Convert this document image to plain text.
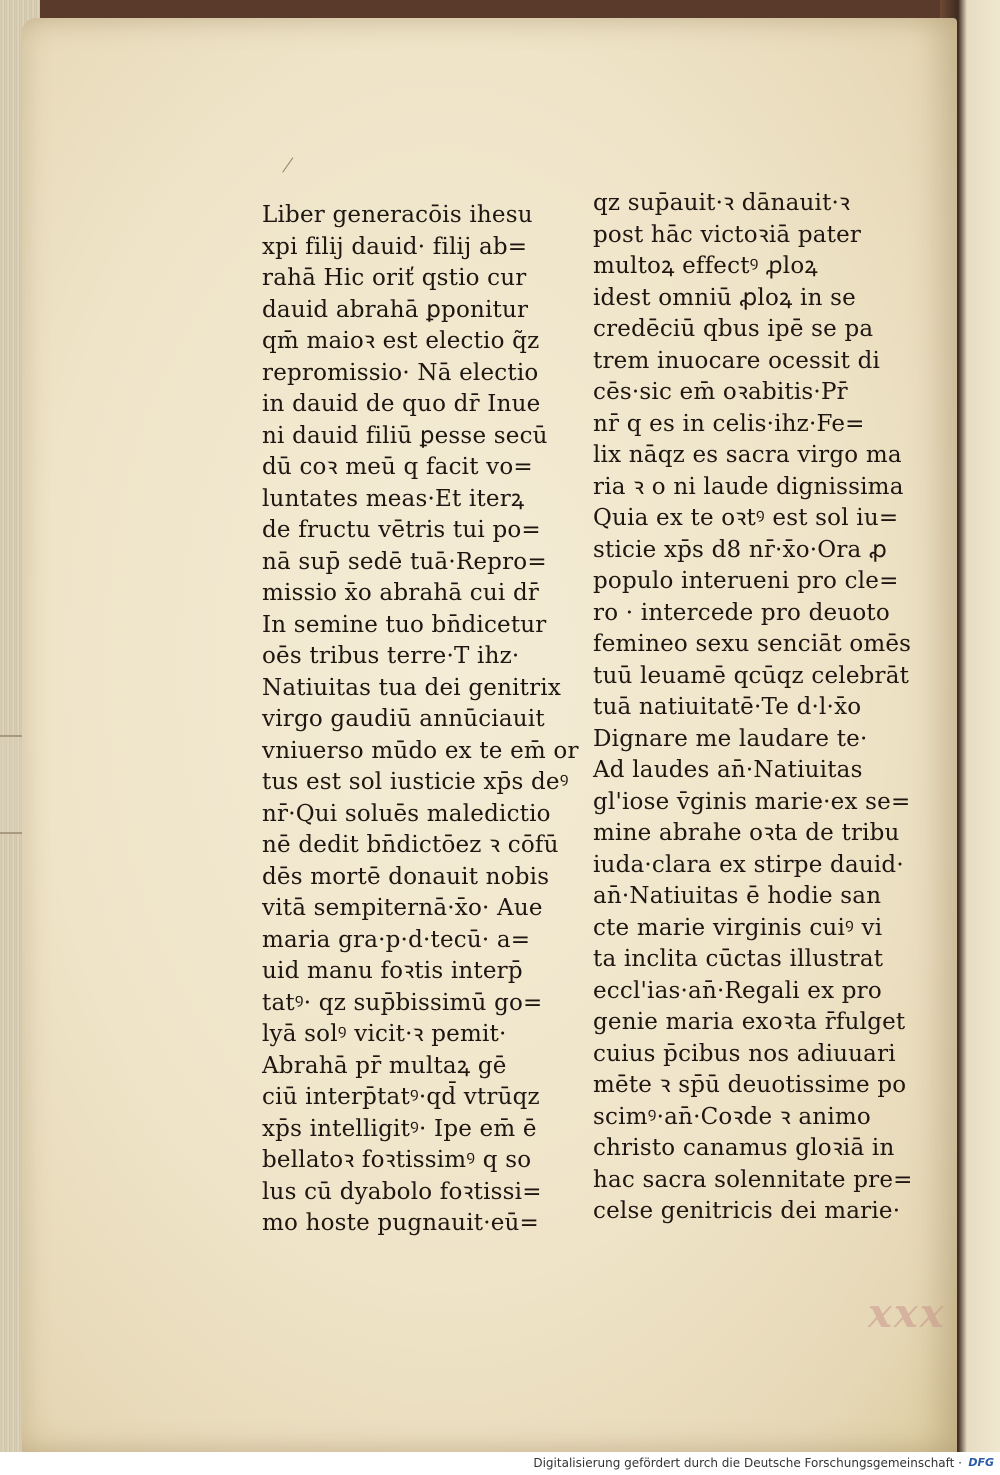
Liber generacōis ihesu
xpi filij dauid· filij ab=
rahā Hic oriť qstio cur
dauid abrahā ꝑponitur
qm̄ maioꝛ est electio q̃z
repromissio· Nā electio
in dauid de quo dr̄ Inue
ni dauid filiū ꝑesse secū
dū coꝛ meū q facit vo=
luntates meas·Et iterꝝ
de fructu vētris tui po=
nā sup̄ sedē tuā·Repro=
missio x̄o abrahā cui dr̄
In semine tuo bn̄dicetur
oēs tribus terre·T ihz·
Natiuitas tua dei genitrix
virgo gaudiū annūciauit
vniuerso mūdo ex te em̄ or
tus est sol iusticie xp̄s deꝰ
nr̄·Qui soluēs maledictio
nē dedit bn̄dictōez ꝛ cōfū
dēs mortē donauit nobis
vitā sempiternā·x̄o· Aue
maria gra·p·d·tecū· a=
uid manu foꝛtis interp̄
tatꝰ· qz sup̄bissimū go=
lyā solꝰ vicit·ꝛ pemit·
Abrahā pr̄ multaꝝ gē
ciū interp̄tatꝰ·qd̄ vtrūqz
xp̄s intelligitꝰ· Ipe em̄ ē
bellatoꝛ foꝛtissimꝰ q so
lus cū dyabolo foꝛtissi=
mo hoste pugnauit·eū=
qz sup̄auit·ꝛ dānauit·ꝛ
post hāc victoꝛiā pater
multoꝝ effectꝰ ꝓloꝝ
idest omniū ꝓloꝝ in se
credēciū qbus ipē se pa
trem inuocare ocessit di
cēs·sic em̄ oꝛabitis·Pr̄
nr̄ q es in celis·ihz·Fe=
lix nāqz es sacra virgo ma
ria ꝛ o ni laude dignissima
Quia ex te oꝛtꝰ est sol iu=
sticie xp̄s d8 nr̄·x̄o·Ora ꝓ
populo interueni pro cle=
ro · intercede pro deuoto
femineo sexu senciāt omēs
tuū leuamē qcūqz celebrāt
tuā natiuitatē·Te d·l·x̄o
Dignare me laudare te·
Ad laudes an̄·Natiuitas
gl'iose v̄ginis marie·ex se=
mine abrahe oꝛta de tribu
iuda·clara ex stirpe dauid·
an̄·Natiuitas ē hodie san
cte marie virginis cuiꝰ vi
ta inclita cūctas illustrat
eccl'ias·an̄·Regali ex pro
genie maria exoꝛta r̄fulget
cuius p̄cibus nos adiuuari
mēte ꝛ sp̄ū deuotissime po
scimꝰ·an̄·Coꝛde ꝛ animo
christo canamus gloꝛiā in
hac sacra solennitate pre=
celse genitricis dei marie·
xxx
Digitalisierung gefördert durch die Deutsche Forschungsgemeinschaft · DFG
